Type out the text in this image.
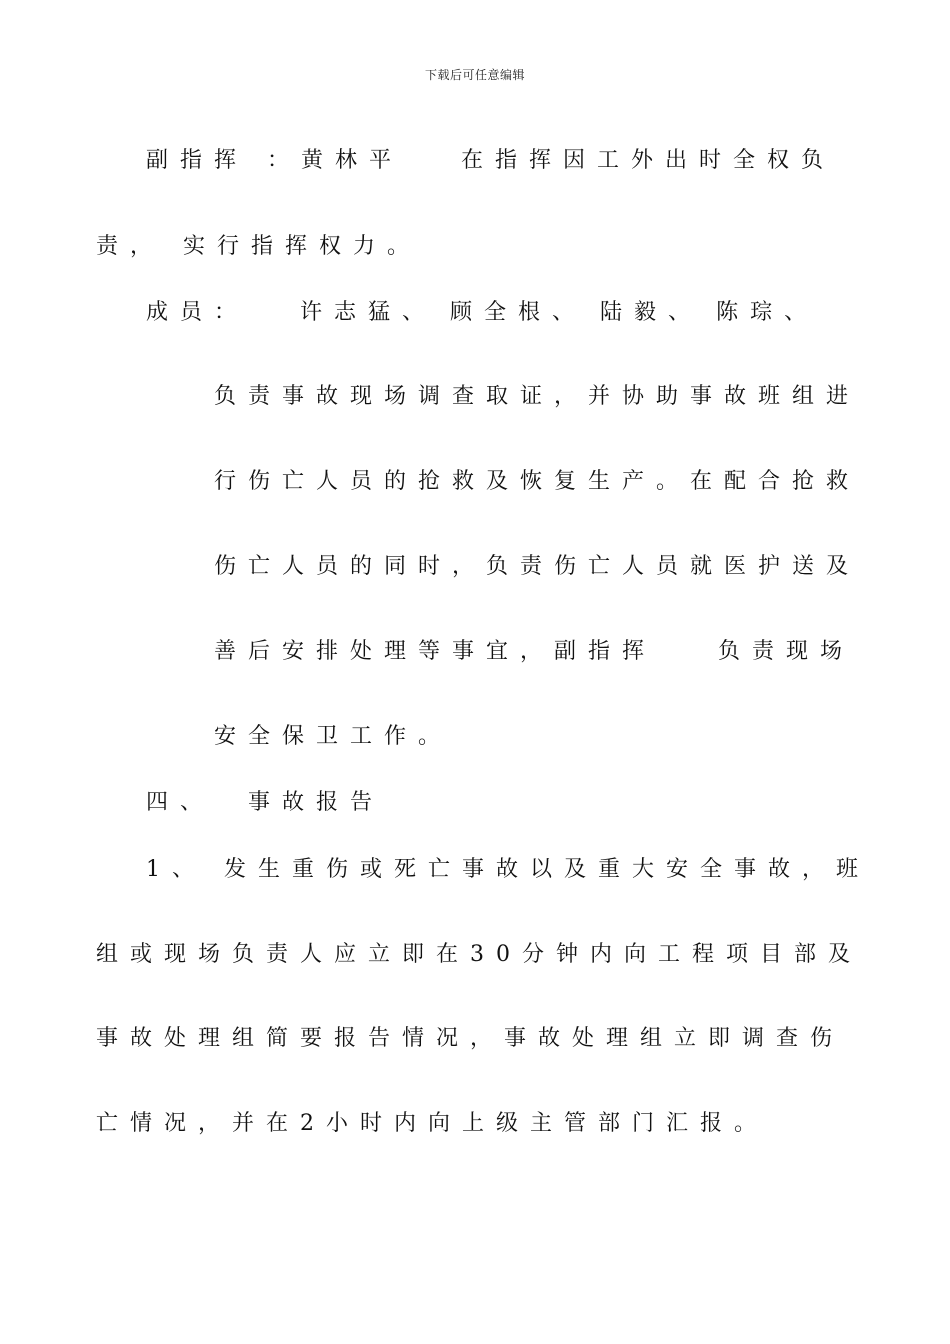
下载后可任意编辑
副指挥 ：黄林平	在指挥因工外出时全权负
责， 实行指挥权力。
成员： 许志猛、 顾全根、 陆毅、 陈琮、
负责事故现场调查取证，并协助事故班组进
行伤亡人员的抢救及恢复生产。在配合抢救
伤亡人员的同时，负责伤亡人员就医护送及
善后安排处理等事宜，副指挥	负责现场
安全保卫工作。
四、 事故报告
1、 发生重伤或死亡事故以及重大安全事故，班
组或现场负责人应立即在30分钟内向工程项目部及
事故处理组简要报告情况，事故处理组立即调查伤
亡情况，并在2小时内向上级主管部门汇报。
